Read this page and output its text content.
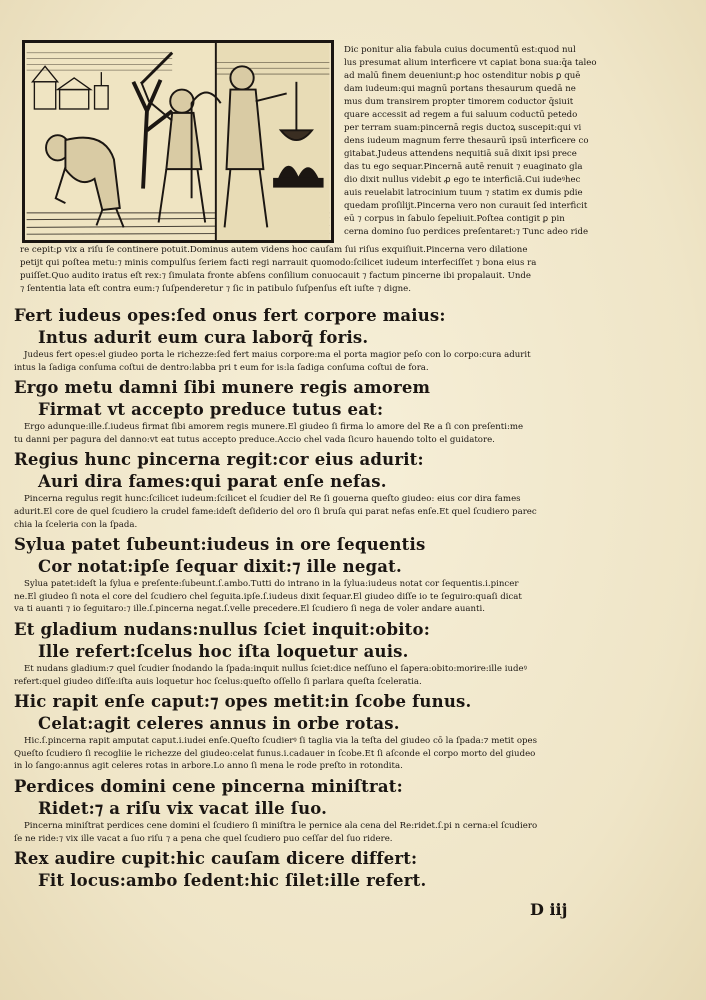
Dic ponitur alia fabula cuius documentū est:quod nul
lus presumat alium interficere vt capiat bona sua:q̄a taleo
ad malū finem deueniunt:ꝑ hoc ostenditur nobis ꝑ quē
dam iudeum:qui magnū portans thesaurum quedā ne
mus dum transirem propter timorem coductor q̄siuit
quare accessit ad regem a fui saluum coductū petedo
per terram suam:pincernā regis ductoꝝ suscepit:qui vi
dens iudeum magnum ferre thesaurū ipsū interficere co
gitabat.Judeus attendens nequitiā suā dixit ipsi prece
das tu ego sequar.Pincernā autē renuit ⁊ euaginato gla
dio dixit nullus videbit ꝓ ego te interficiā.Cui iudeꝰhec
auis reuelabit latrocinium tuum ⁊ statim ex dumis pdie
quedam proſilijt.Pincerna vero non curauit ſed interficit
eū ⁊ corpus in ſabulo ſepeliuit.Poſtea contigit ꝑ pin
cerna domino ſuo perdices preſentaret:⁊ Tunc adeo ride
re cepit:ꝑ vix a riſu ſe continere potuit.Dominus autem videns hoc cauſam ſui riſus exquiſiuit.Pincerna vero dilatione
petijt qui poſtea metu:⁊ minis compulſus ſeriem facti regi narrauit quomodo:ſcilicet iudeum interfeciſſet ⁊ bona eius ra
puiſſet.Quo audito iratus eſt rex:⁊ ſimulata fronte abſens conſilium conuocauit ⁊ factum pincerne ibi propalauit. Unde
⁊ ſententia lata eſt contra eum:⁊ ſuſpenderetur ⁊ ſic in patibulo ſuſpenſus eſt iuſte ⁊ digne.
Fert iudeus opes:ſed onus fert corpore maius:
Intus adurit eum cura laborq̄ foris.
Judeus fert opes:el giudeo porta le richezze:ſed fert maius corpore:ma el porta magior peſo con lo corpo:cura adurit
intus la ſadiga conſuma coſtui de dentro:labba pri t eum for is:la ſadiga conſuma coſtui de fora.
Ergo metu damni ſibi munere regis amorem
Firmat vt accepto preduce tutus eat:
Ergo adunque:ille.ſ.iudeus firmat ſibi amorem regis munere.El giudeo ſi firma lo amore del Re a ſi con preſenti:me
tu danni per pagura del danno:vt eat tutus accepto preduce.Accio chel vada ſicuro hauendo tolto el guidatore.
Regius hunc pincerna regit:cor eius adurit:
Auri dira fames:qui parat enſe nefas.
Pincerna regulus regit hunc:ſcilicet iudeum:ſcilicet el ſcudier del Re ſi gouerna queſto giudeo: eius cor dira fames
adurit.El core de quel ſcudiero la crudel fame:ideſt deſiderio del oro ſi bruſa qui parat nefas enſe.Et quel ſcudiero parec
chia la ſceleria con la ſpada.
Sylua patet ſubeunt:iudeus in ore ſequentis
Cor notat:ipſe ſequar dixit:⁊ ille negat.
Sylua patet:ideſt la ſylua e preſente:ſubeunt.ſ.ambo.Tutti do intrano in la ſylua:iudeus notat cor ſequentis.i.pincer
ne.El giudeo ſi nota el core del ſcudiero chel ſeguita.ipſe.ſ.iudeus dixit ſequar.El giudeo diſſe io te ſeguiro:quaſi dicat
va ti auanti ⁊ io ſeguitaro:⁊ ille.ſ.pincerna negat.ſ.velle precedere.El ſcudiero ſi nega de voler andare auanti.
Et gladium nudans:nullus ſciet inquit:obito:
Ille refert:ſcelus hoc iſta loquetur auis.
Et nudans gladium:⁊ quel ſcudier ſnodando la ſpada:inquit nullus ſciet:dice neſſuno el ſapera:obito:morire:ille iudeꝰ
refert:quel giudeo diſſe:iſta auis loquetur hoc ſcelus:queſto oſſello ſi parlara queſta ſceleratia.
Hic rapit enſe caput:⁊ opes metit:in ſcobe funus.
Celat:agit celeres annus in orbe rotas.
Hic.ſ.pincerna rapit amputat caput.i.iudei enſe.Queſto ſcudierꝰ ſi taglia via la teſta del giudeo cō la ſpada:⁊ metit opes
Queſto ſcudiero ſi recogliie le richezze del giudeo:celat funus.i.cadauer in ſcobe.Et ſi aſconde el corpo morto del giudeo
in lo ſango:annus agit celeres rotas in arbore.Lo anno ſi mena le rode preſto in rotondita.
Perdices domini cene pincerna miniſtrat:
Ridet:⁊ a riſu vix vacat ille ſuo.
Pincerna miniſtrat perdices cene domini el ſcudiero ſi miniſtra le pernice ala cena del Re:ridet.ſ.pi n cerna:el ſcudiero
ſe ne ride:⁊ vix ille vacat a ſuo riſu ⁊ a pena che quel ſcudiero puo ceſſar del ſuo ridere.
Rex audire cupit:hic cauſam dicere differt:
Fit locus:ambo ſedent:hic ſilet:ille refert.
D iij
